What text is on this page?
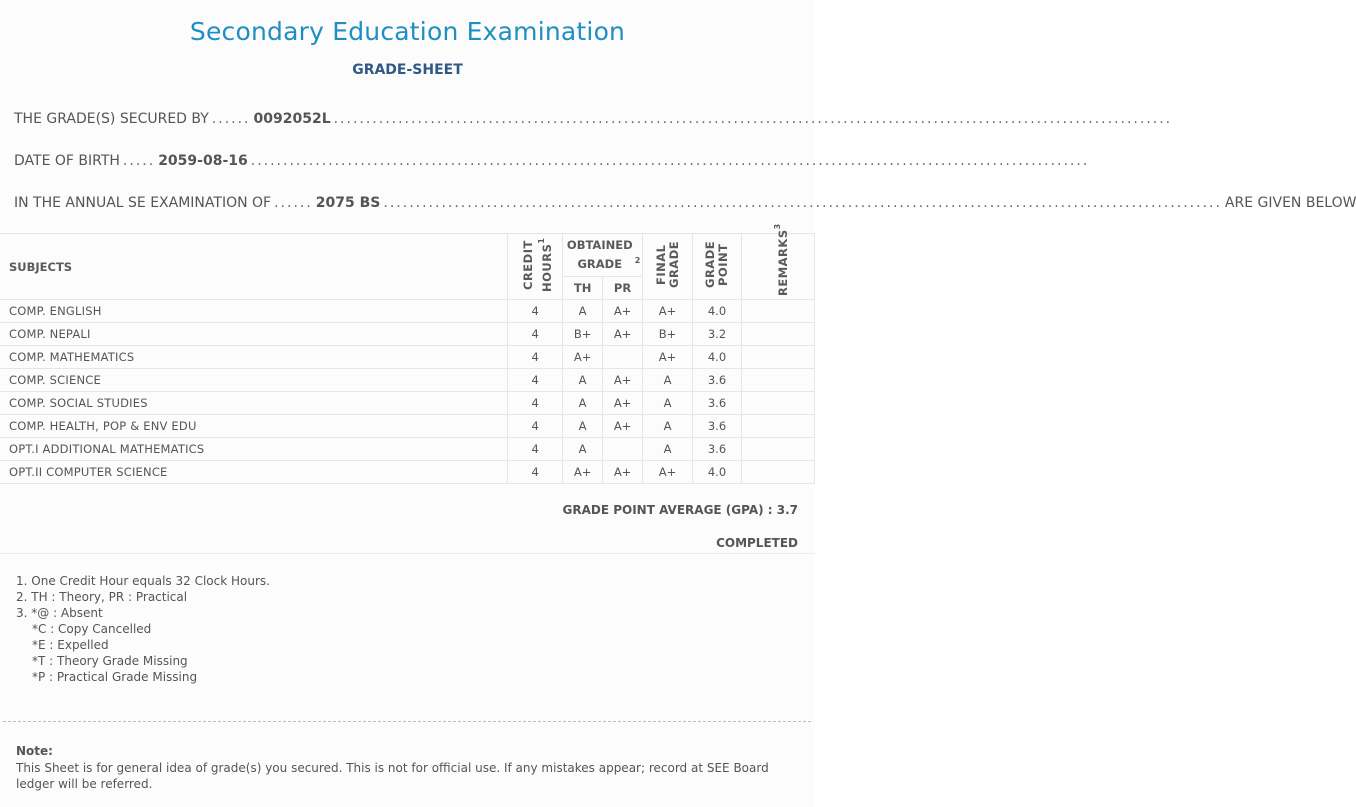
Secondary Education Examination
GRADE-SHEET
THE GRADE(S) SECURED BY ...... 0092052L ..................................................................................................................................
DATE OF BIRTH ..... 2059-08-16 ..................................................................................................................................
IN THE ANNUAL SE EXAMINATION OF ...... 2075 BS .................................................................................................................................. ARE GIVEN BELOW
SUBJECTS	CREDIT HOURS$^1$	OBTAINED GRADE $^2$		FINAL GRADE	GRADE POINT	REMARKS$^3$
		TH	PR			
COMP. ENGLISH	4	A	A+	A+	4.0	
COMP. NEPALI	4	B+	A+	B+	3.2	
COMP. MATHEMATICS	4	A+		A+	4.0	
COMP. SCIENCE	4	A	A+	A	3.6	
COMP. SOCIAL STUDIES	4	A	A+	A	3.6	
COMP. HEALTH, POP & ENV EDU	4	A	A+	A	3.6	
OPT.I ADDITIONAL MATHEMATICS	4	A		A	3.6	
OPT.II COMPUTER SCIENCE	4	A+	A+	A+	4.0	
GRADE POINT AVERAGE (GPA) : 3.7
COMPLETED
1. One Credit Hour equals 32 Clock Hours.
2. TH : Theory, PR : Practical
3. *@ : Absent
*C : Copy Cancelled
*E : Expelled
*T : Theory Grade Missing
*P : Practical Grade Missing
Note:
This Sheet is for general idea of grade(s) you secured. This is not for official use. If any mistakes appear; record at SEE Board ledger will be referred.
